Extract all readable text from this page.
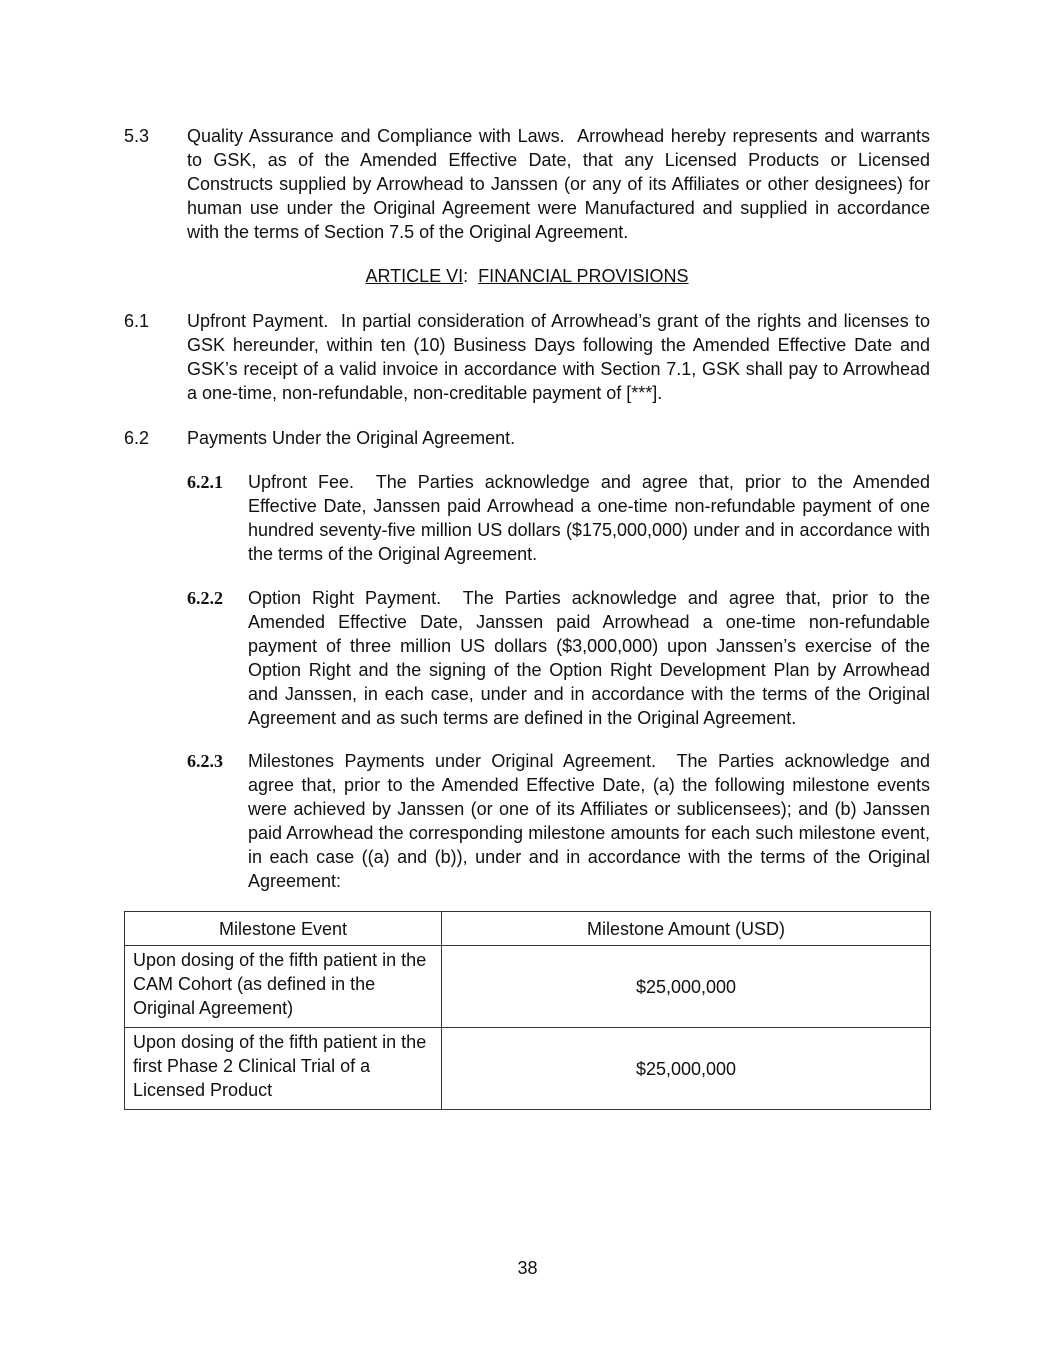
5.3	Quality Assurance and Compliance with Laws. Arrowhead hereby represents and warrants to GSK, as of the Amended Effective Date, that any Licensed Products or Licensed Constructs supplied by Arrowhead to Janssen (or any of its Affiliates or other designees) for human use under the Original Agreement were Manufactured and supplied in accordance with the terms of Section 7.5 of the Original Agreement.
ARTICLE VI: FINANCIAL PROVISIONS
6.1	Upfront Payment. In partial consideration of Arrowhead’s grant of the rights and licenses to GSK hereunder, within ten (10) Business Days following the Amended Effective Date and GSK’s receipt of a valid invoice in accordance with Section 7.1, GSK shall pay to Arrowhead a one-time, non-refundable, non-creditable payment of [***].
6.2	Payments Under the Original Agreement.
6.2.1 Upfront Fee. The Parties acknowledge and agree that, prior to the Amended Effective Date, Janssen paid Arrowhead a one-time non-refundable payment of one hundred seventy-five million US dollars ($175,000,000) under and in accordance with the terms of the Original Agreement.
6.2.2 Option Right Payment. The Parties acknowledge and agree that, prior to the Amended Effective Date, Janssen paid Arrowhead a one-time non-refundable payment of three million US dollars ($3,000,000) upon Janssen’s exercise of the Option Right and the signing of the Option Right Development Plan by Arrowhead and Janssen, in each case, under and in accordance with the terms of the Original Agreement and as such terms are defined in the Original Agreement.
6.2.3 Milestones Payments under Original Agreement. The Parties acknowledge and agree that, prior to the Amended Effective Date, (a) the following milestone events were achieved by Janssen (or one of its Affiliates or sublicensees); and (b) Janssen paid Arrowhead the corresponding milestone amounts for each such milestone event, in each case ((a) and (b)), under and in accordance with the terms of the Original Agreement:
Milestone Event	Milestone Amount (USD)
Upon dosing of the fifth patient in the CAM Cohort (as defined in the Original Agreement)	$25,000,000
Upon dosing of the fifth patient in the first Phase 2 Clinical Trial of a Licensed Product	$25,000,000
38
